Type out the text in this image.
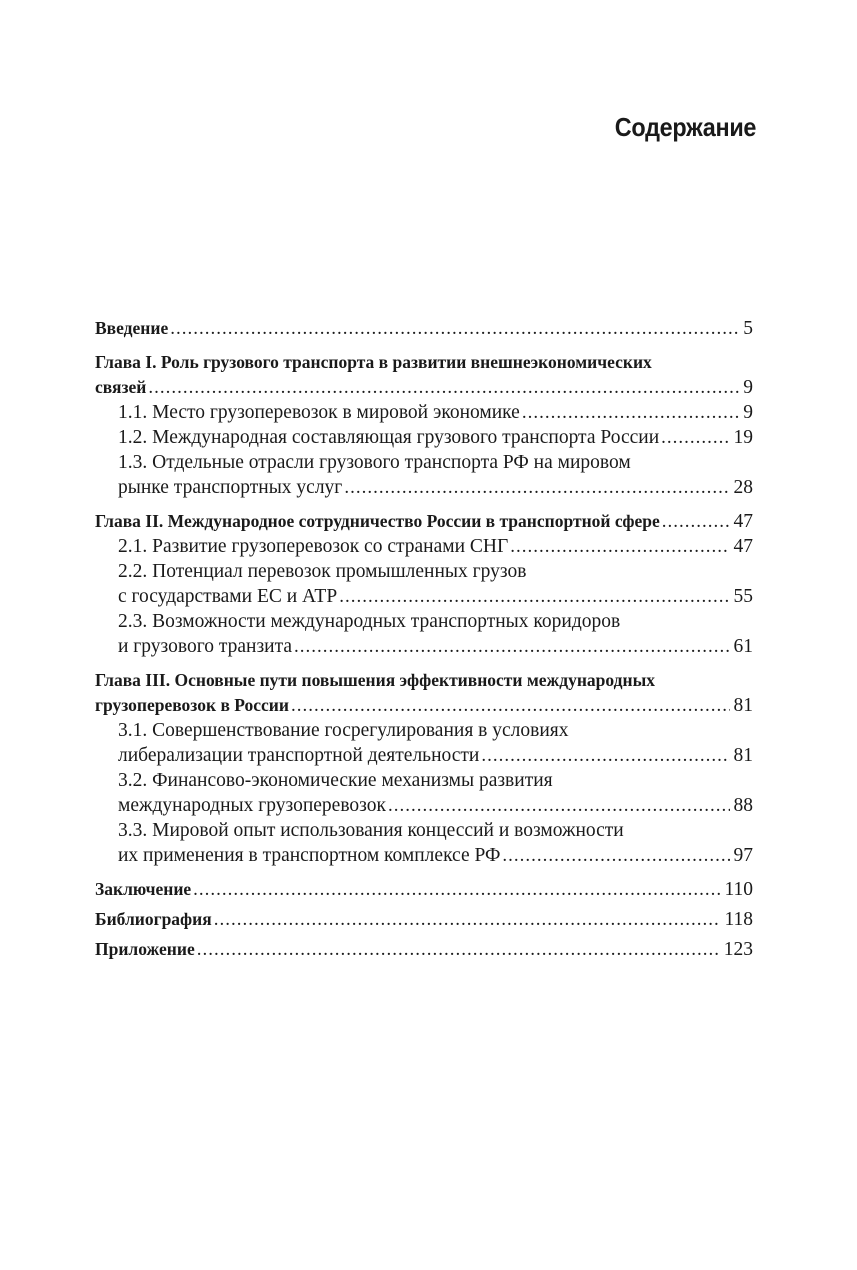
Содержание
Введение .....	5
Глава I. Роль грузового транспорта в развитии внешнеэкономических
связей .....	9
1.1. Место грузоперевозок в мировой экономике .....	9
1.2. Международная составляющая грузового транспорта России .....	19
1.3. Отдельные отрасли грузового транспорта РФ на мировом
рынке транспортных услуг .....	28
Глава II. Международное сотрудничество России в транспортной сфере .....	47
2.1. Развитие грузоперевозок со странами СНГ .....	47
2.2. Потенциал перевозок промышленных грузов
с государствами ЕС и АТР .....	55
2.3. Возможности международных транспортных коридоров
и грузового транзита .....	61
Глава III. Основные пути повышения эффективности международных
грузоперевозок в России .....	81
3.1. Совершенствование госрегулирования в условиях
либерализации транспортной деятельности .....	81
3.2. Финансово-экономические механизмы развития
международных грузоперевозок .....	88
3.3. Мировой опыт использования концессий и возможности
их применения в транспортном комплексе РФ .....	97
Заключение .....	110
Библиография .....	118
Приложение .....	123
